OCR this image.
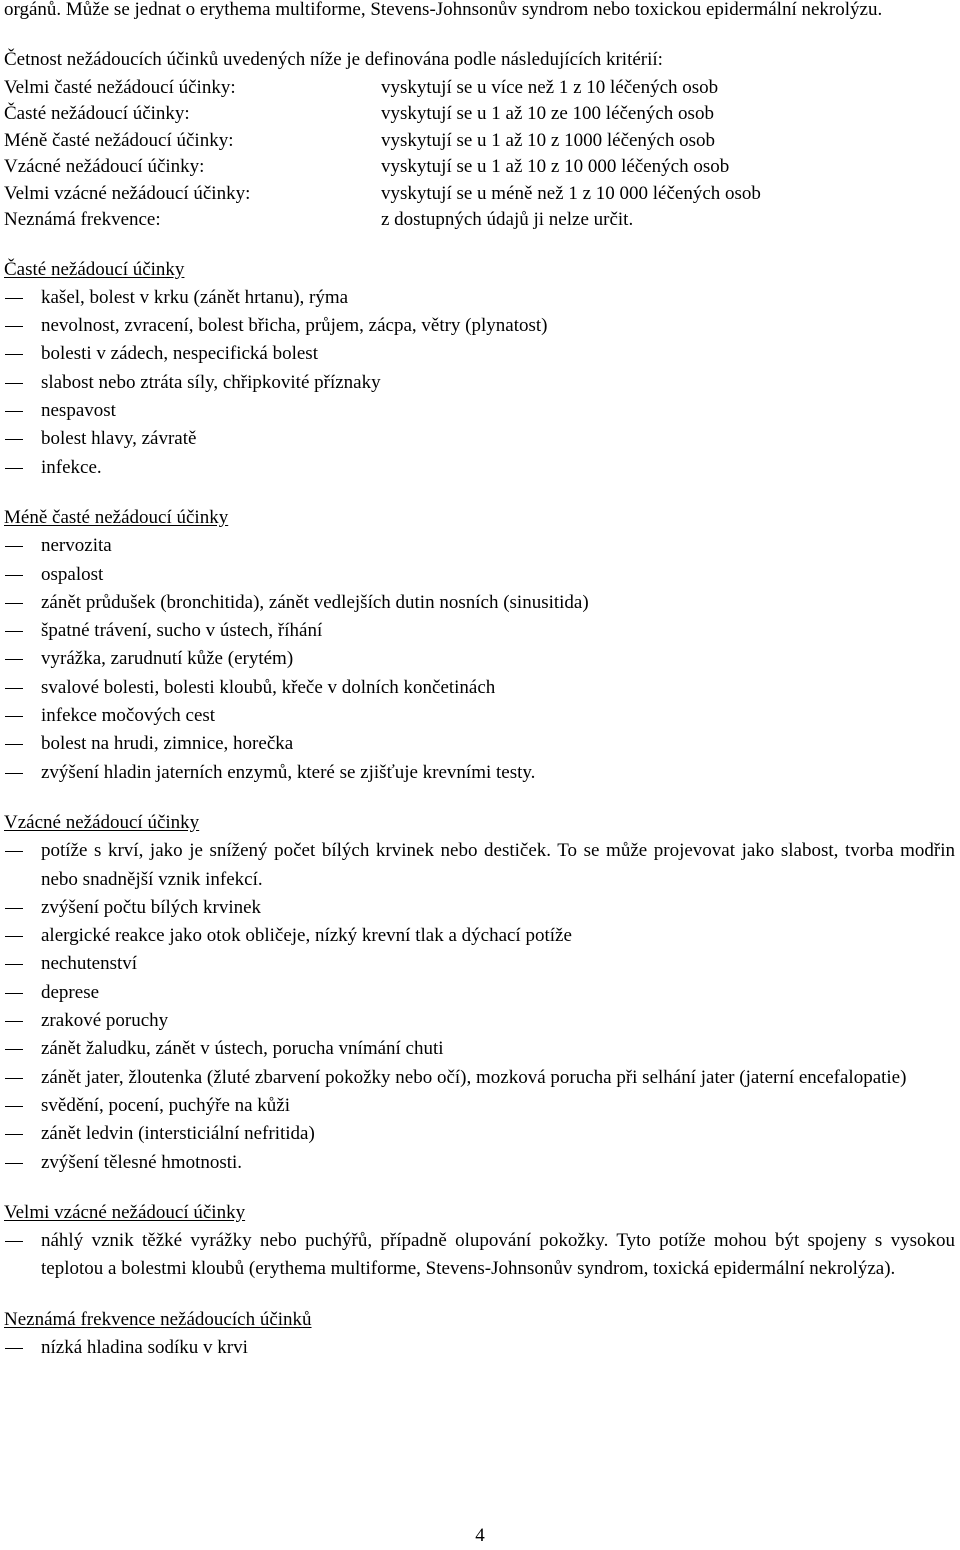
orgánů. Může se jednat o erythema multiforme, Stevens-Johnsonův syndrom nebo toxickou epidermální nekrolýzu.

Četnost nežádoucích účinků uvedených níže je definována podle následujících kritérií:

Velmi časté nežádoucí účinky:	vyskytují se u více než 1 z 10 léčených osob
Časté nežádoucí účinky:	vyskytují se u 1 až 10 ze 100 léčených osob
Méně časté nežádoucí účinky:	vyskytují se u 1 až 10 z 1000 léčených osob
Vzácné nežádoucí účinky:	vyskytují se u 1 až 10 z 10 000 léčených osob
Velmi vzácné nežádoucí účinky:	vyskytují se u méně než 1 z 10 000 léčených osob
Neznámá frekvence:	z dostupných údajů ji nelze určit.
Časté nežádoucí účinky
kašel, bolest v krku (zánět hrtanu), rýma
nevolnost, zvracení, bolest břicha, průjem, zácpa, větry (plynatost)
bolesti v zádech, nespecifická bolest
slabost nebo ztráta síly, chřipkovité příznaky
nespavost
bolest hlavy, závratě
infekce.
Méně časté nežádoucí účinky
nervozita
ospalost
zánět průdušek (bronchitida), zánět vedlejších dutin nosních (sinusitida)
špatné trávení, sucho v ústech, říhání
vyrážka, zarudnutí kůže (erytém)
svalové bolesti, bolesti kloubů, křeče v dolních končetinách
infekce močových cest
bolest na hrudi, zimnice, horečka
zvýšení hladin jaterních enzymů, které se zjišťuje krevními testy.
Vzácné nežádoucí účinky
potíže s krví, jako je snížený počet bílých krvinek nebo destiček. To se může projevovat jako slabost, tvorba modřin nebo snadnější vznik infekcí.
zvýšení počtu bílých krvinek
alergické reakce jako otok obličeje, nízký krevní tlak a dýchací potíže
nechutenství
deprese
zrakové poruchy
zánět žaludku, zánět v ústech, porucha vnímání chuti
zánět jater, žloutenka (žluté zbarvení pokožky nebo očí), mozková porucha při selhání jater (jaterní encefalopatie)
svědění, pocení, puchýře na kůži
zánět ledvin (intersticiální nefritida)
zvýšení tělesné hmotnosti.
Velmi vzácné nežádoucí účinky
náhlý vznik těžké vyrážky nebo puchýřů, případně olupování pokožky. Tyto potíže mohou být spojeny s vysokou teplotou a bolestmi kloubů (erythema multiforme, Stevens-Johnsonův syndrom, toxická epidermální nekrolýza).
Neznámá frekvence nežádoucích účinků
nízká hladina sodíku v krvi
4
